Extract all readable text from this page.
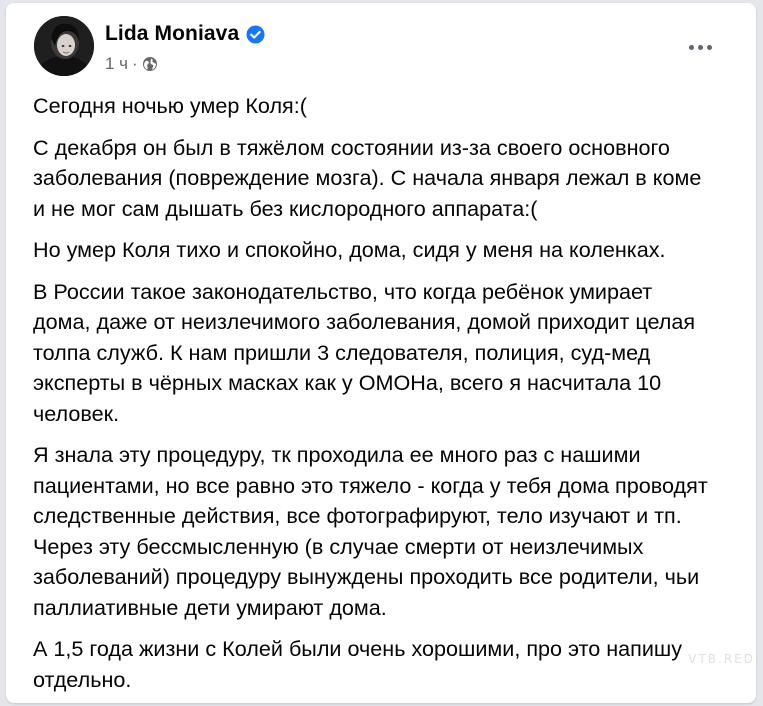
Lida Moniava
1 ч ·

Сегодня ночью умер Коля:(

С декабря он был в тяжёлом состоянии из-за своего основного
заболевания (повреждение мозга). С начала января лежал в коме
и не мог сам дышать без кислородного аппарата:(

Но умер Коля тихо и спокойно, дома, сидя у меня на коленках.

В России такое законодательство, что когда ребёнок умирает
дома, даже от неизлечимого заболевания, домой приходит целая
толпа служб. К нам пришли 3 следователя, полиция, суд-мед
эксперты в чёрных масках как у ОМОНа, всего я насчитала 10
человек.

Я знала эту процедуру, тк проходила ее много раз с нашими
пациентами, но все равно это тяжело - когда у тебя дома проводят
следственные действия, все фотографируют, тело изучают и тп.
Через эту бессмысленную (в случае смерти от неизлечимых
заболеваний) процедуру вынуждены проходить все родители, чьи
паллиативные дети умирают дома.

А 1,5 года жизни с Колей были очень хорошими, про это напишу
отдельно.

VTB.RED
